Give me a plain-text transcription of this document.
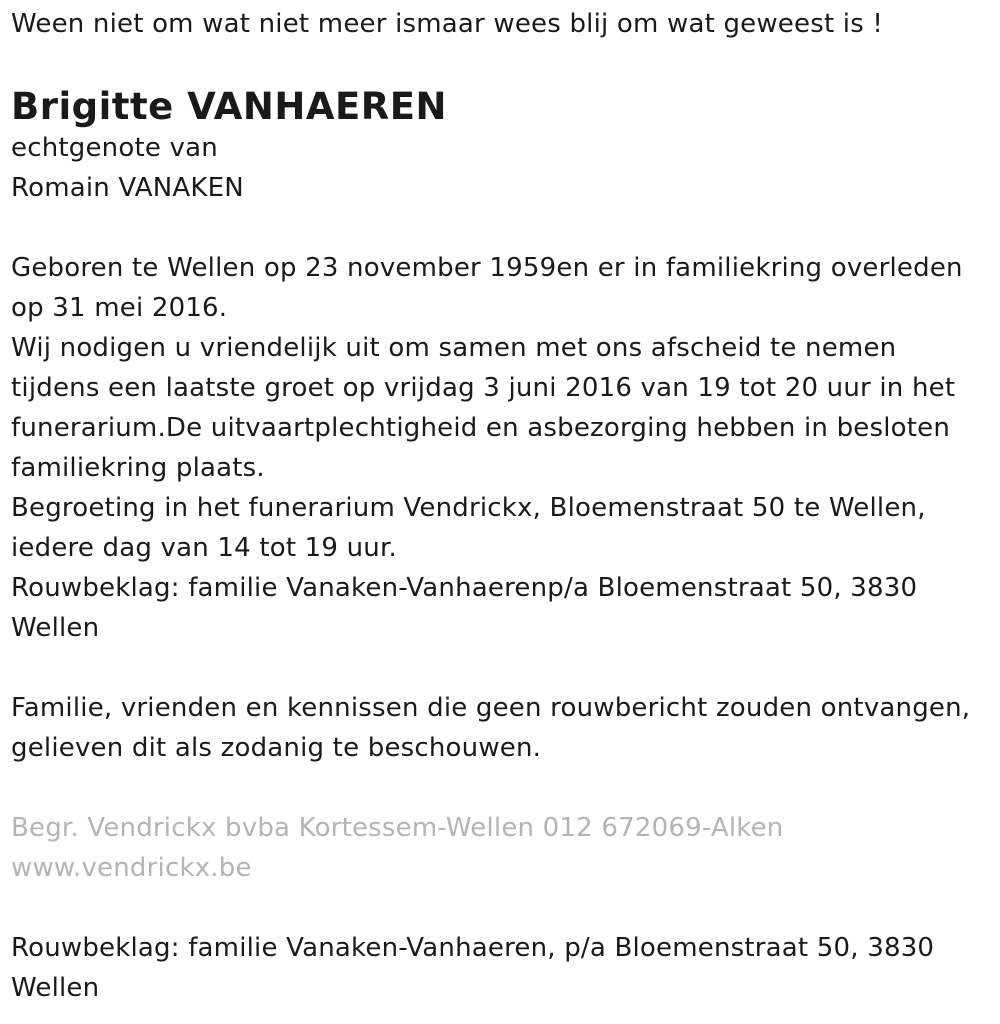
Ween niet om wat niet meer ismaar wees blij om wat geweest is !
Brigitte VANHAEREN
echtgenote van
Romain VANAKEN
Geboren te Wellen op 23 november 1959en er in familiekring overleden
op 31 mei 2016.
Wij nodigen u vriendelijk uit om samen met ons afscheid te nemen
tijdens een laatste groet op vrijdag 3 juni 2016 van 19 tot 20 uur in het
funerarium.De uitvaartplechtigheid en asbezorging hebben in besloten
familiekring plaats.
Begroeting in het funerarium Vendrickx, Bloemenstraat 50 te Wellen,
iedere dag van 14 tot 19 uur.
Rouwbeklag: familie Vanaken-Vanhaerenp/a Bloemenstraat 50, 3830
Wellen
Familie, vrienden en kennissen die geen rouwbericht zouden ontvangen,
gelieven dit als zodanig te beschouwen.
Begr. Vendrickx bvba Kortessem-Wellen 012 672069-Alken
www.vendrickx.be
Rouwbeklag: familie Vanaken-Vanhaeren, p/a Bloemenstraat 50, 3830
Wellen
